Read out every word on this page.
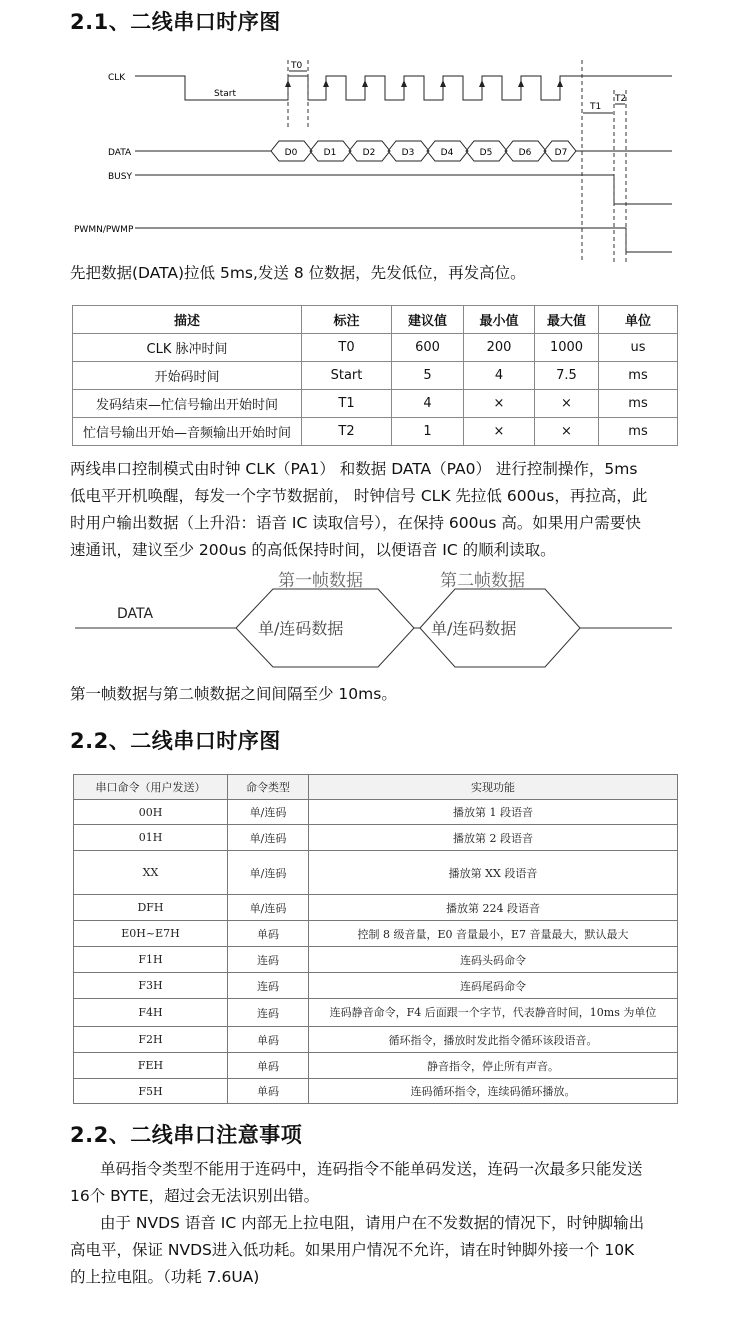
2.1、二线串口时序图
T0
T1
T2
CLK
DATA
BUSY
PWMN/PWMP
Start
D0	D1	D2	D3	D4	D5	D6	D7
先把数据(DATA)拉低 5ms,发送 8 位数据，先发低位，再发高位。
描述	标注	建议值	最小值	最大值	单位
CLK 脉冲时间	T0	600	200	1000	us
开始码时间	Start	5	4	7.5	ms
发码结束—忙信号输出开始时间	T1	4	×	×	ms
忙信号输出开始—音频输出开始时间	T2	1	×	×	ms
两线串口控制模式由时钟 CLK（PA1） 和数据 DATA（PA0） 进行控制操作，5ms
低电平开机唤醒，每发一个字节数据前， 时钟信号 CLK 先拉低 600us，再拉高，此
时用户输出数据（上升沿：语音 IC 读取信号），在保持 600us 高。如果用户需要快
速通讯，建议至少 200us 的高低保持时间，以便语音 IC 的顺利读取。
DATA
第一帧数据	第二帧数据
单/连码数据	单/连码数据
第一帧数据与第二帧数据之间间隔至少 10ms。
2.2、二线串口时序图
串口命令（用户发送）	命令类型	实现功能
00H	单/连码	播放第 1 段语音
01H	单/连码	播放第 2 段语音
XX	单/连码	播放第 XX 段语音
DFH	单/连码	播放第 224 段语音
E0H~E7H	单码	控制 8 级音量，E0 音量最小，E7 音量最大，默认最大
F1H	连码	连码头码命令
F3H	连码	连码尾码命令
F4H	连码	连码静音命令，F4 后面跟一个字节，代表静音时间，10ms 为单位
F2H	单码	循环指令，播放时发此指令循环该段语音。
FEH	单码	静音指令，停止所有声音。
F5H	单码	连码循环指令，连续码循环播放。
2.2、二线串口注意事项
单码指令类型不能用于连码中，连码指令不能单码发送，连码一次最多只能发送
16个 BYTE，超过会无法识别出错。
由于 NVDS 语音 IC 内部无上拉电阻，请用户在不发数据的情况下，时钟脚输出
高电平，保证 NVDS进入低功耗。如果用户情况不允许，请在时钟脚外接一个 10K
的上拉电阻。（功耗 7.6UA)
